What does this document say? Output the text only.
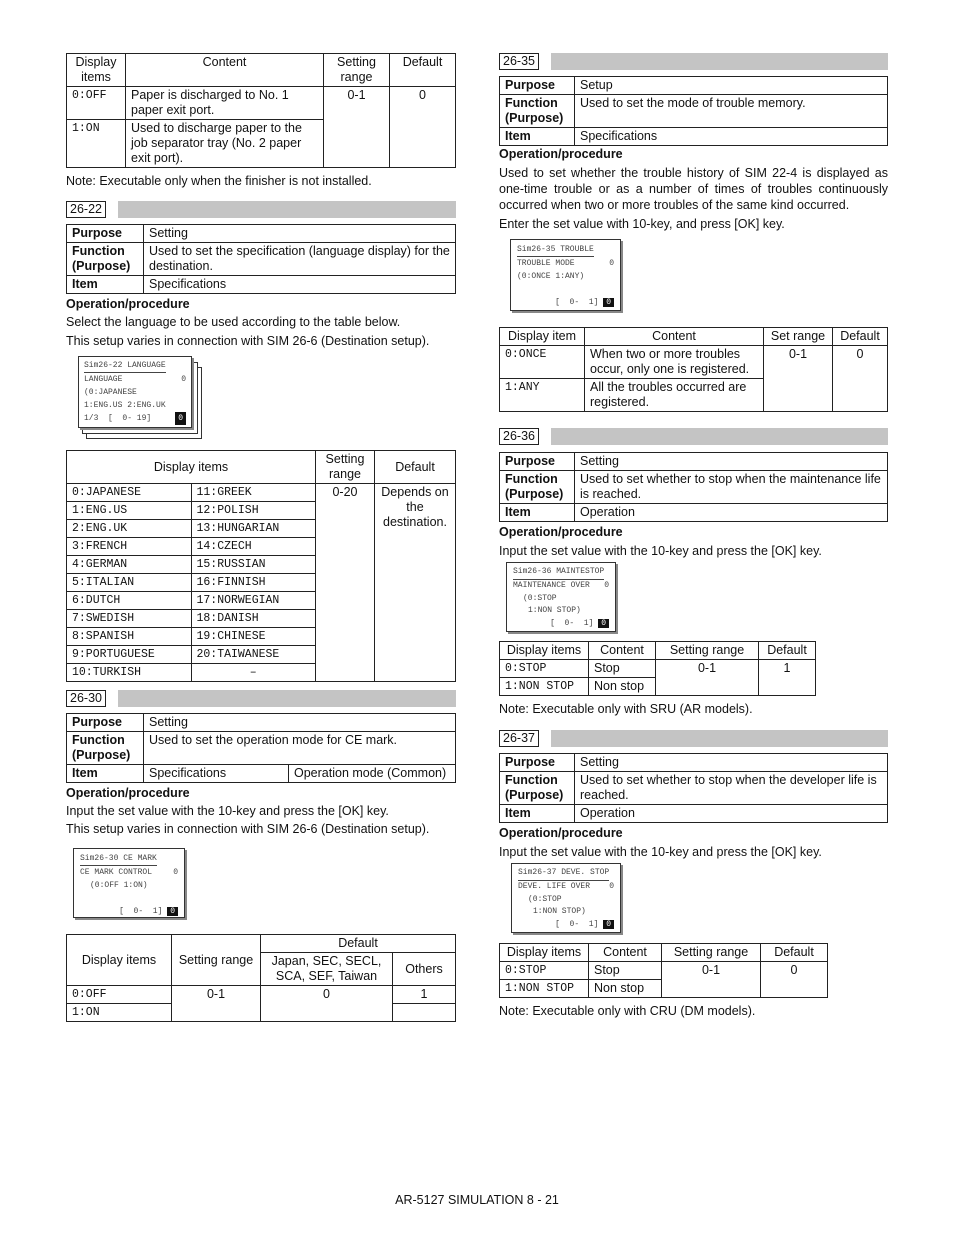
Display items	Content	Setting range	Default
0:OFF	Paper is discharged to No. 1 paper exit port.	0-1	0
1:ON	Used to discharge paper to the job separator tray (No. 2 paper exit port).		

Note: Executable only when the finisher is not installed.

26-22
Purpose	Setting
Function (Purpose)	Used to set the specification (language display) for the destination.
Item	Specifications

Operation/procedure

Select the language to be used according to the table below.

This setup varies in connection with SIM 26-6 (Destination setup).

Sim26-22 LANGUAGE
LANGUAGE	0
(0:JAPANESE
1:ENG.US 2:ENG.UK
1/3  [  0- 19]	0
Display items		Setting range	Default
0:JAPANESE	11:GREEK	0-20	Depends on the destination.
1:ENG.US	12:POLISH		
2:ENG.UK	13:HUNGARIAN		
3:FRENCH	14:CZECH		
4:GERMAN	15:RUSSIAN		
5:ITALIAN	16:FINNISH		
6:DUTCH	17:NORWEGIAN		
7:SWEDISH	18:DANISH		
8:SPANISH	19:CHINESE		
9:PORTUGUESE	20:TAIWANESE		
10:TURKISH	–		
26-30
Purpose	Setting	
Function (Purpose)	Used to set the operation mode for CE mark.	
Item	Specifications	Operation mode (Common)

Operation/procedure

Input the set value with the 10-key and press the [OK] key.

This setup varies in connection with SIM 26-6 (Destination setup).

Sim26-30 CE MARK
CE MARK CONTROL	0
(0:OFF 1:ON)

[  0-  1] 0
Display items	Setting range	Default	
		Japan, SEC, SECL, SCA, SEF, Taiwan	Others
0:OFF	0-1	0	1
1:ON			
26-35
Purpose	Setup
Function (Purpose)	Used to set the mode of trouble memory.
Item	Specifications

Operation/procedure

Used to set whether the trouble history of SIM 22-4 is displayed as one-time trouble or as a number of times of troubles continuously occurred when two or more troubles of the same kind occurred.

Enter the set value with 10-key, and press [OK] key.

Sim26-35 TROUBLE
TROUBLE MODE	0
(0:ONCE 1:ANY)

[  0-  1] 0
Display item	Content	Set range	Default
0:ONCE	When two or more troubles occur, only one is registered.	0-1	0
1:ANY	All the troubles occurred are registered.		
26-36
Purpose	Setting
Function (Purpose)	Used to set whether to stop when the maintenance life is reached.
Item	Operation

Operation/procedure

Input the set value with the 10-key and press the [OK] key.

Sim26-36 MAINTESTOP
MAINTENANCE OVER 0
(0:STOP
1:NON STOP)
[  0-  1] 0
Display items	Content	Setting range	Default
0:STOP	Stop	0-1	1
1:NON STOP	Non stop		

Note: Executable only with SRU (AR models).

26-37
Purpose	Setting
Function (Purpose)	Used to set whether to stop when the developer life is reached.
Item	Operation

Operation/procedure

Input the set value with the 10-key and press the [OK] key.

Sim26-37 DEVE. STOP
DEVE. LIFE OVER 0
(0:STOP
1:NON STOP)
[  0-  1] 0
Display items	Content	Setting range	Default
0:STOP	Stop	0-1	0
1:NON STOP	Non stop		

Note: Executable only with CRU (DM models).

AR-5127 SIMULATION 8 - 21
